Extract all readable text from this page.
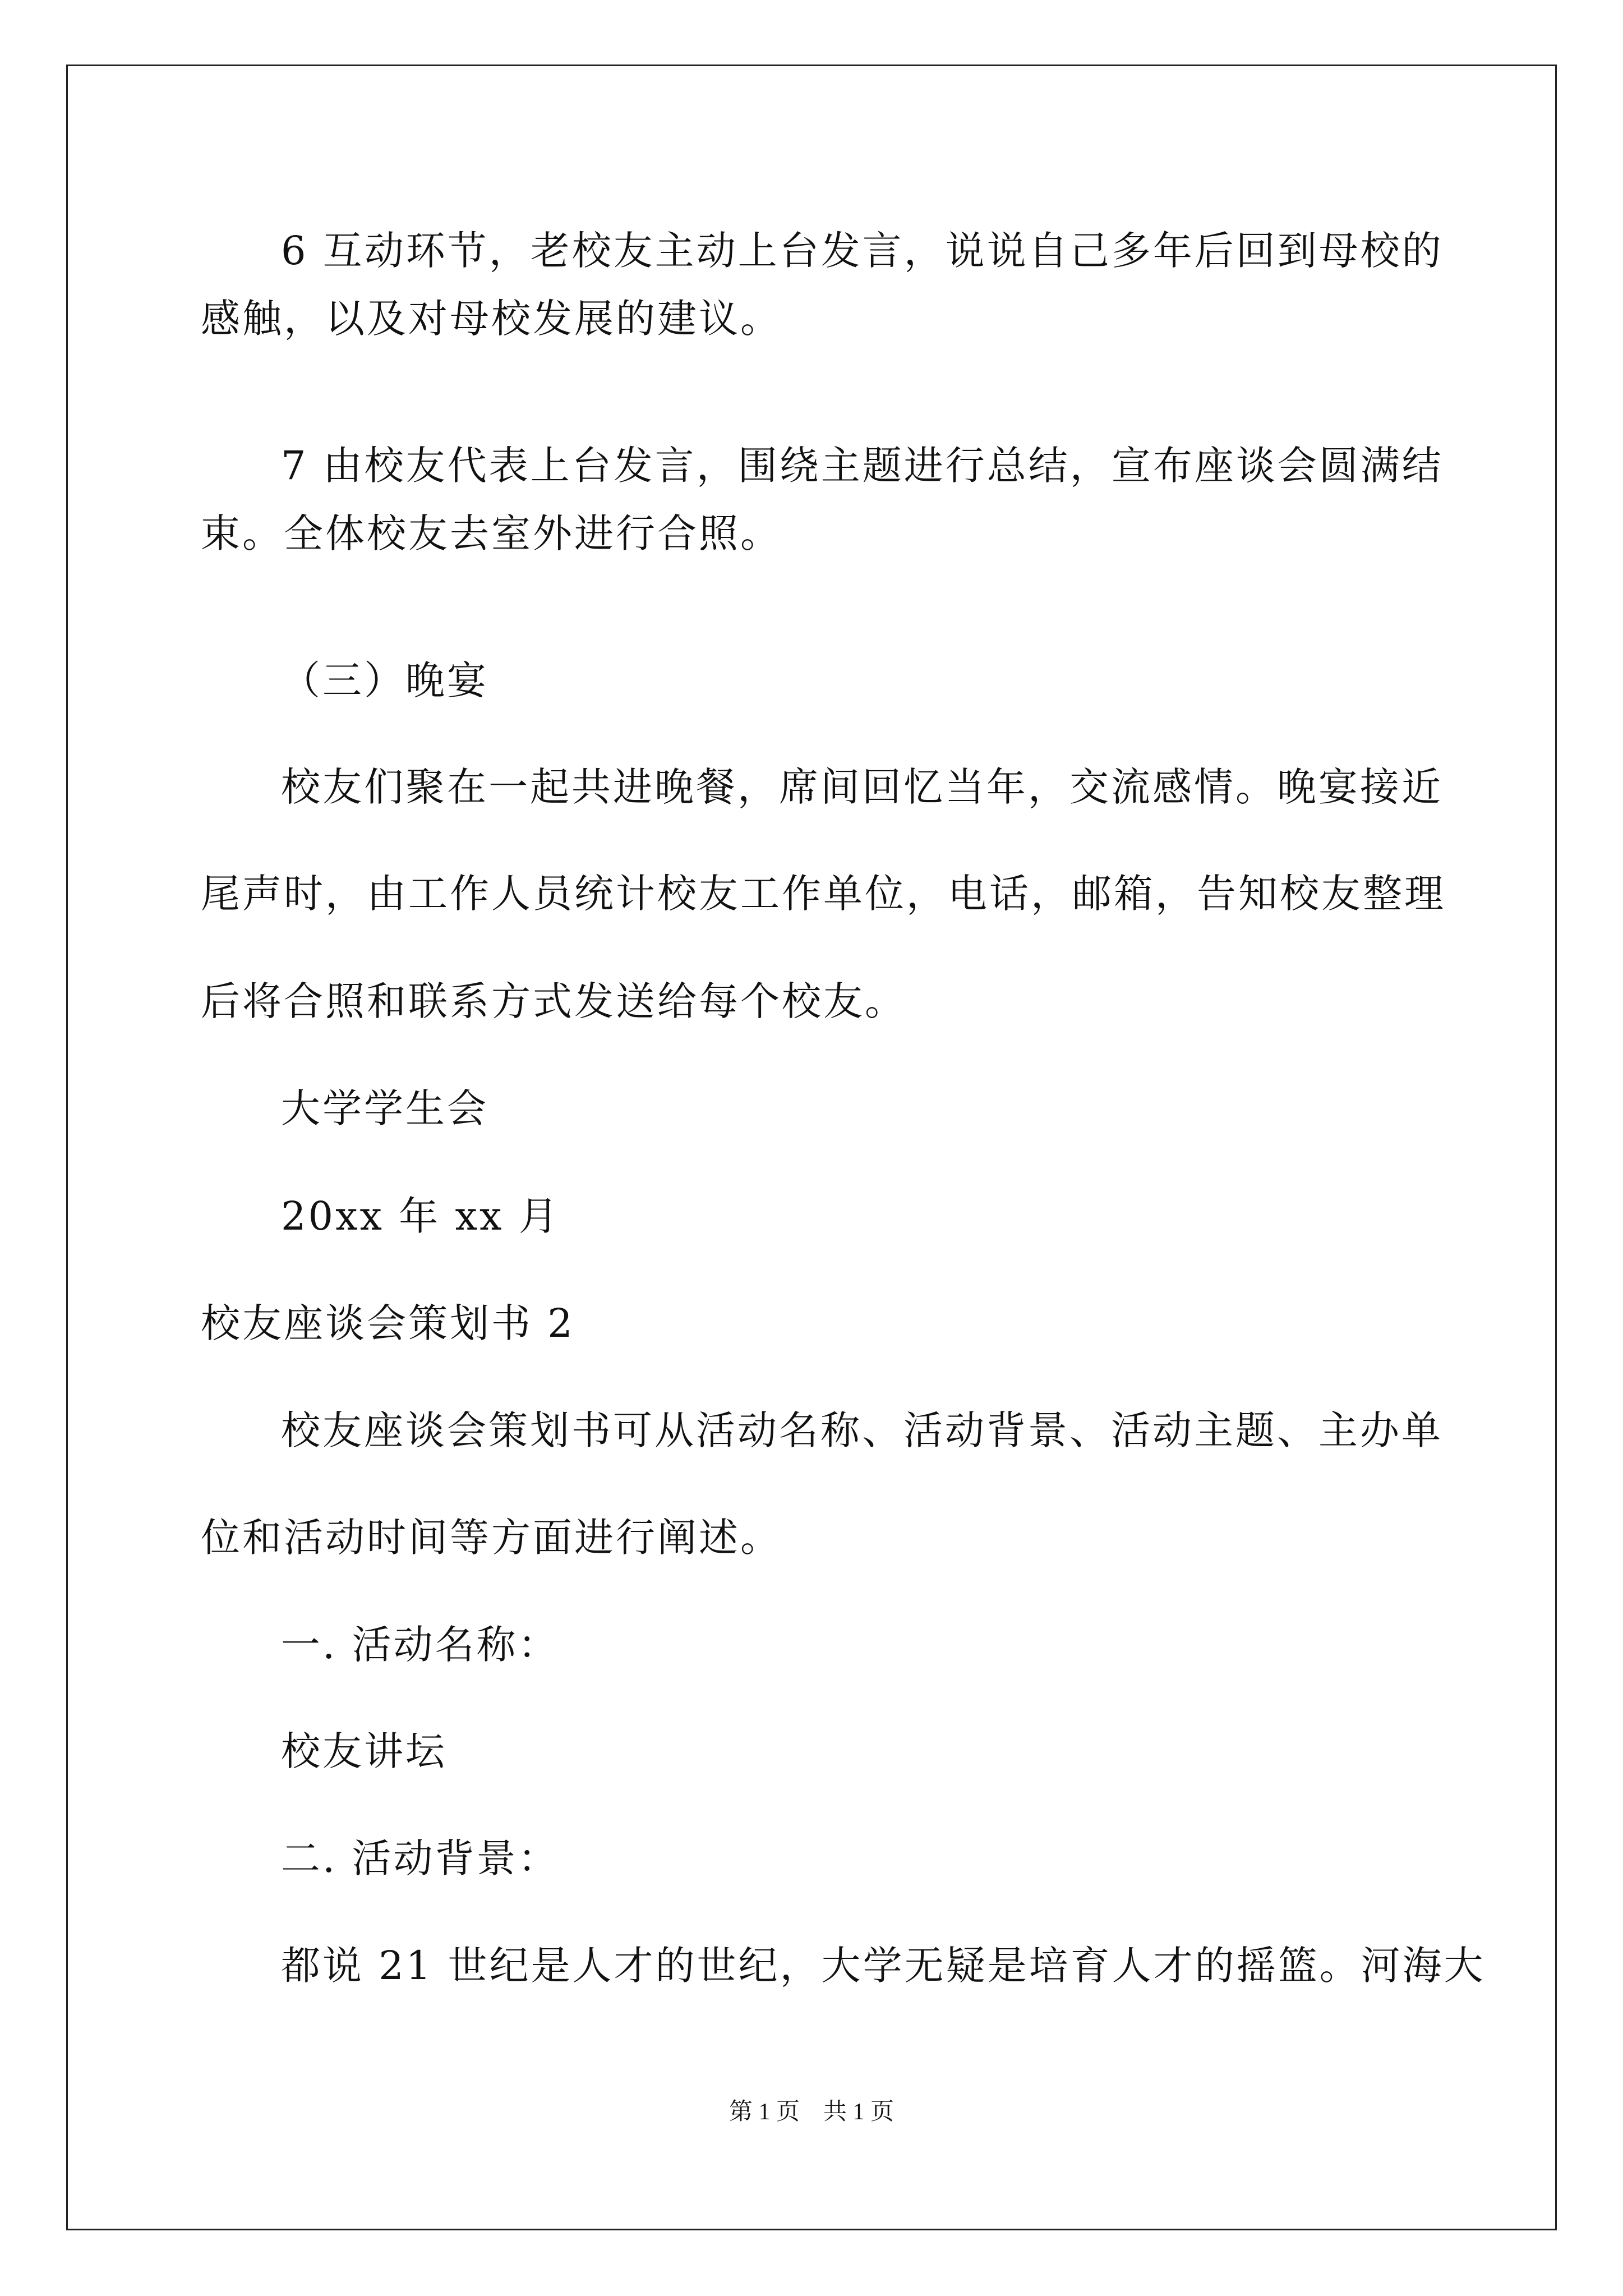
6 互动环节，老校友主动上台发言，说说自己多年后回到母校的
感触，以及对母校发展的建议。
7 由校友代表上台发言，围绕主题进行总结，宣布座谈会圆满结
束。全体校友去室外进行合照。
（三）晚宴
校友们聚在一起共进晚餐，席间回忆当年，交流感情。晚宴接近
尾声时，由工作人员统计校友工作单位，电话，邮箱，告知校友整理
后将合照和联系方式发送给每个校友。
大学学生会
20xx 年 xx 月
校友座谈会策划书 2
校友座谈会策划书可从活动名称、活动背景、活动主题、主办单
位和活动时间等方面进行阐述。
一. 活动名称：
校友讲坛
二. 活动背景：
都说 21 世纪是人才的世纪，大学无疑是培育人才的摇篮。河海大
第 1 页　共 1 页
